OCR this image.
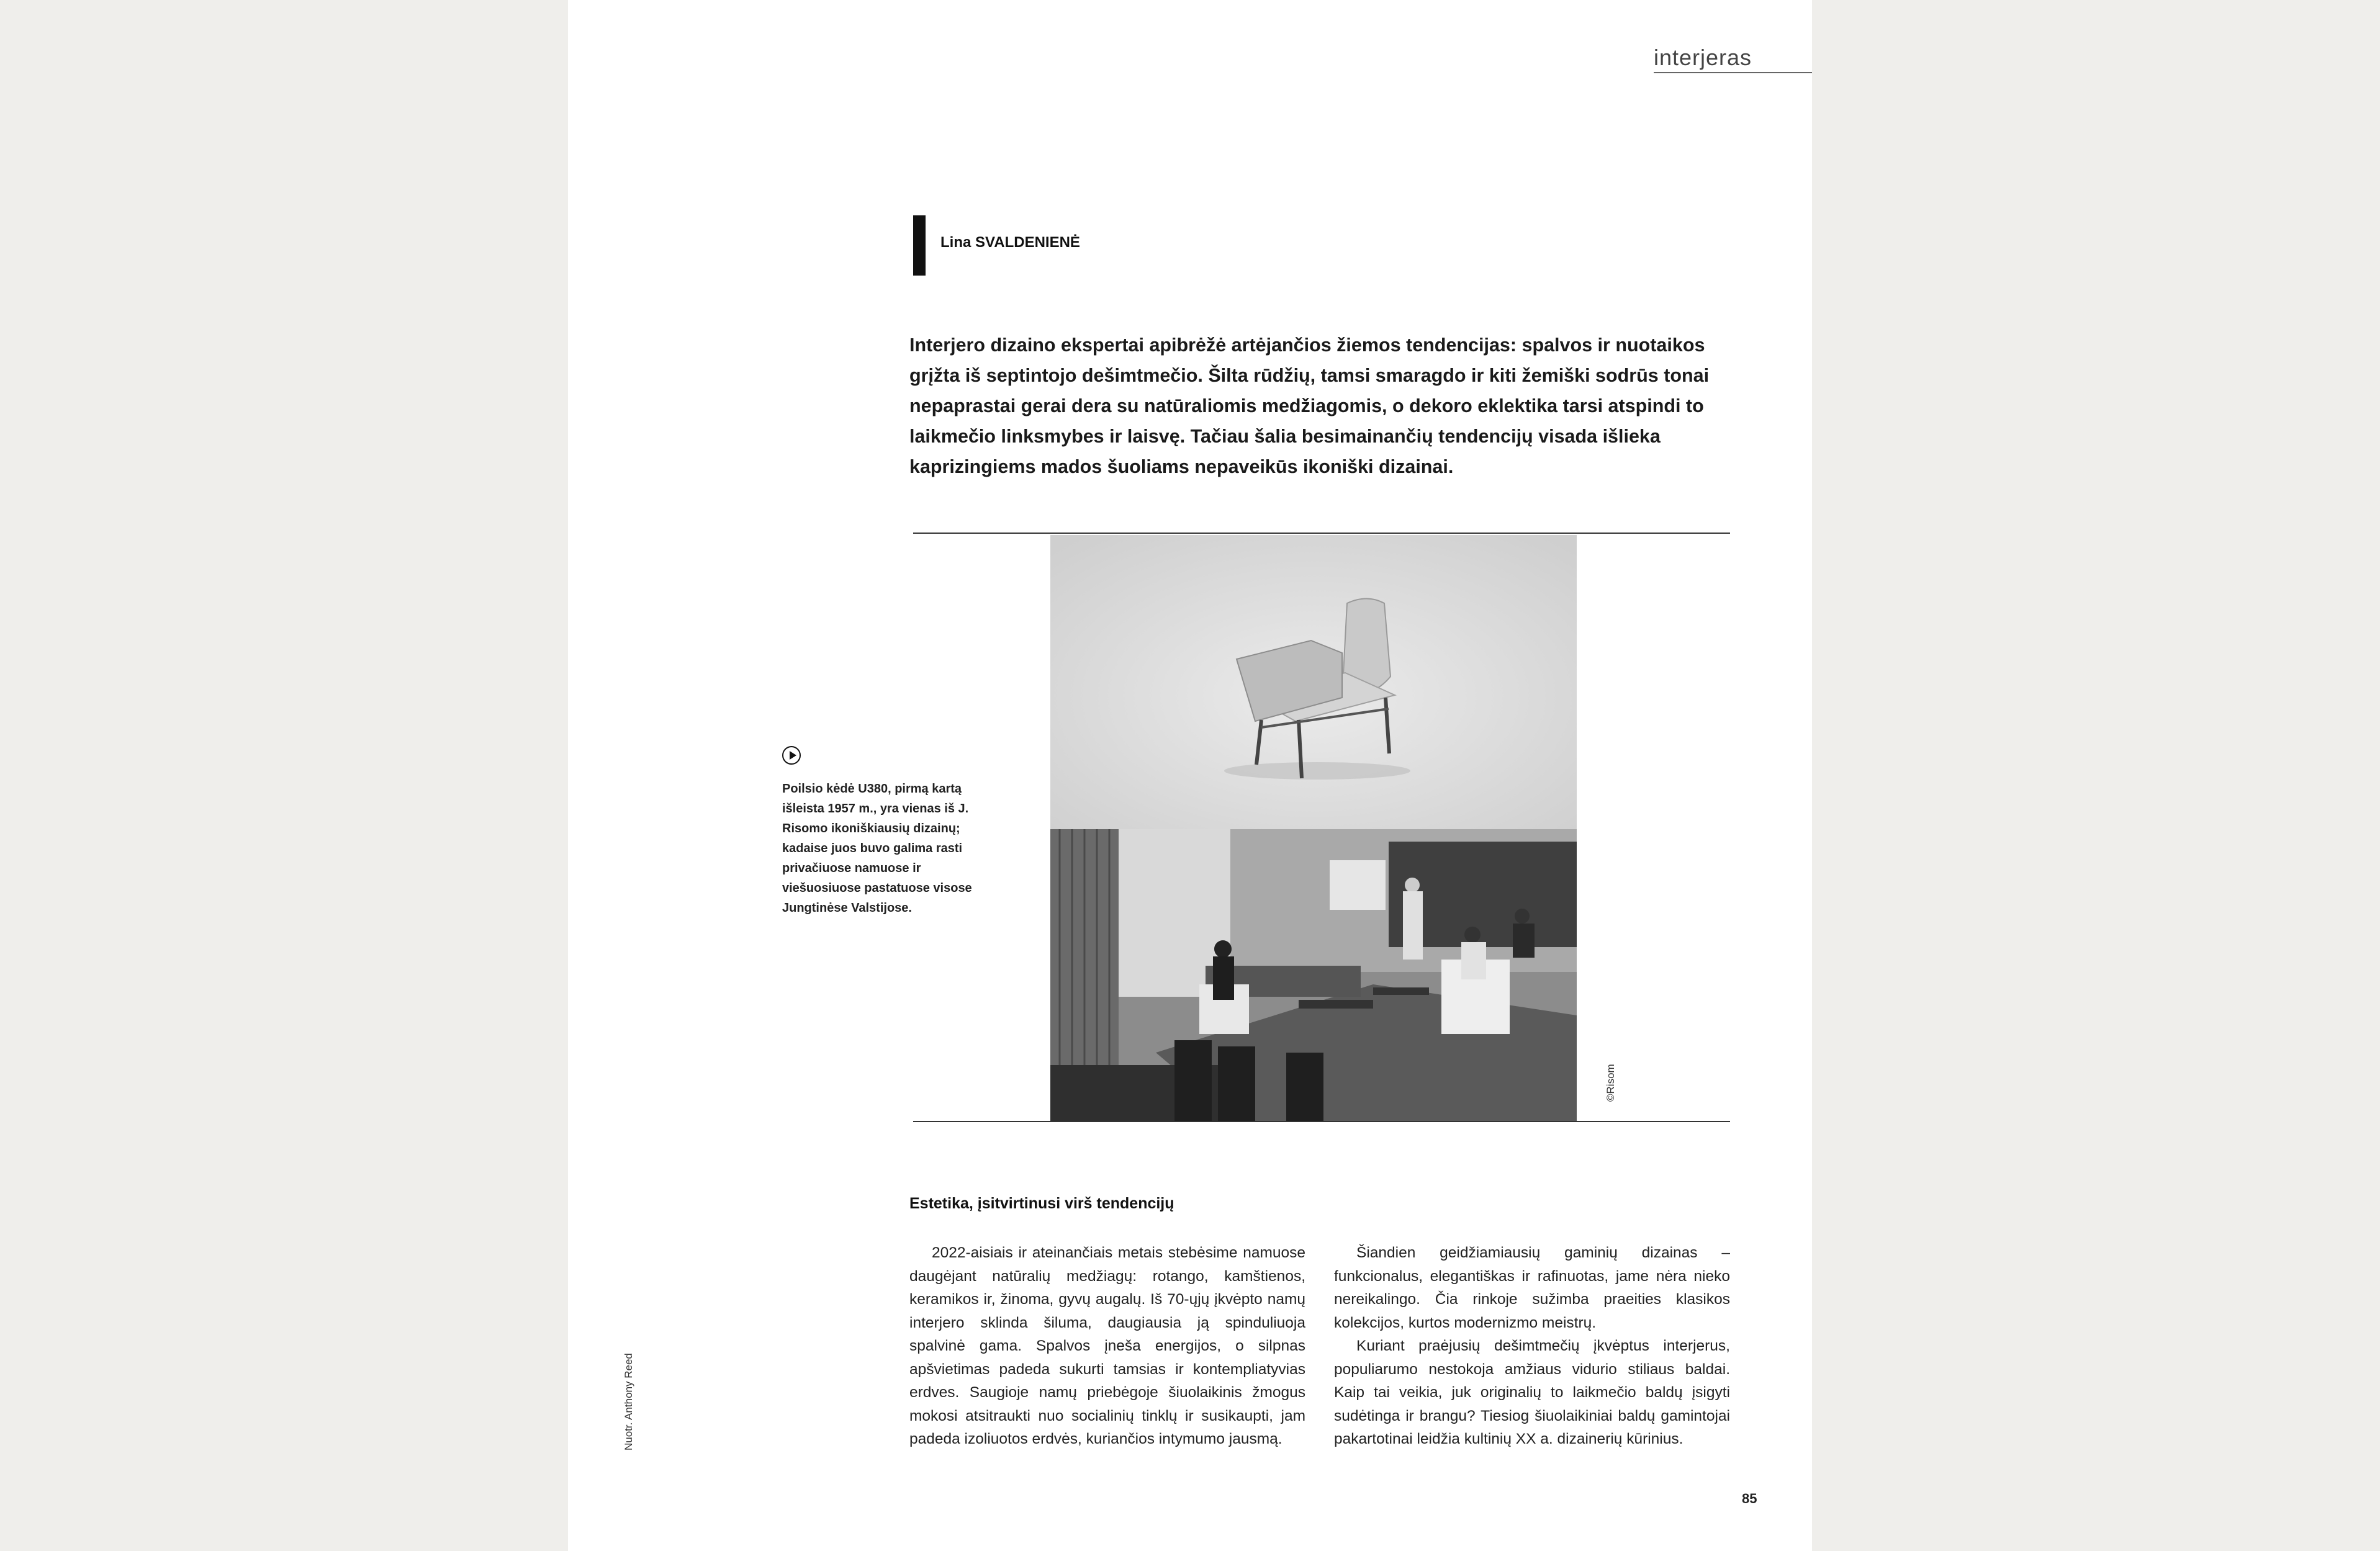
interjeras
Lina SVALDENIENĖ
Interjero dizaino ekspertai apibrėžė artėjančios žiemos tendencijas: spalvos ir nuotaikos grįžta iš septintojo dešimtmečio. Šilta rūdžių, tamsi smaragdo ir kiti žemiški sodrūs tonai nepaprastai gerai dera su natūraliomis medžiagomis, o dekoro eklektika tarsi atspindi to laikmečio linksmybes ir laisvę. Tačiau šalia besimainančių tendencijų visada išlieka kaprizingiems mados šuoliams nepaveikūs ikoniški dizainai.
©Risom
Poilsio kėdė U380, pirmą kartą išleista 1957 m., yra vienas iš J. Risomo ikoniškiausių dizainų; kadaise juos buvo galima rasti privačiuose namuose ir viešuosiuose pastatuose visose Jungtinėse Valstijose.
Nuotr. Anthony Reed
Estetika, įsitvirtinusi virš tendencijų

2022-aisiais ir ateinančiais metais stebėsime namuose daugėjant natūralių medžiagų: rotango, kamštienos, keramikos ir, žinoma, gyvų augalų. Iš 70-ųjų įkvėpto namų interjero sklinda šiluma, daugiausia ją spinduliuoja spalvinė gama. Spalvos įneša energijos, o silpnas apšvietimas padeda sukurti tamsias ir kontempliatyvias erdves. Saugioje namų priebėgoje šiuolaikinis žmogus mokosi atsitraukti nuo socialinių tinklų ir susikaupti, jam padeda izoliuotos erdvės, kuriančios intymumo jausmą.

Šiandien geidžiamiausių gaminių dizainas – funkcionalus, elegantiškas ir rafinuotas, jame nėra nieko nereikalingo. Čia rinkoje sužimba praeities klasikos kolekcijos, kurtos modernizmo meistrų.

Kuriant praėjusių dešimtmečių įkvėptus interjerus, populiarumo nestokoja amžiaus vidurio stiliaus baldai. Kaip tai veikia, juk originalių to laikmečio baldų įsigyti sudėtinga ir brangu? Tiesiog šiuolaikiniai baldų gamintojai pakartotinai leidžia kultinių XX a. dizainerių kūrinius.

85
